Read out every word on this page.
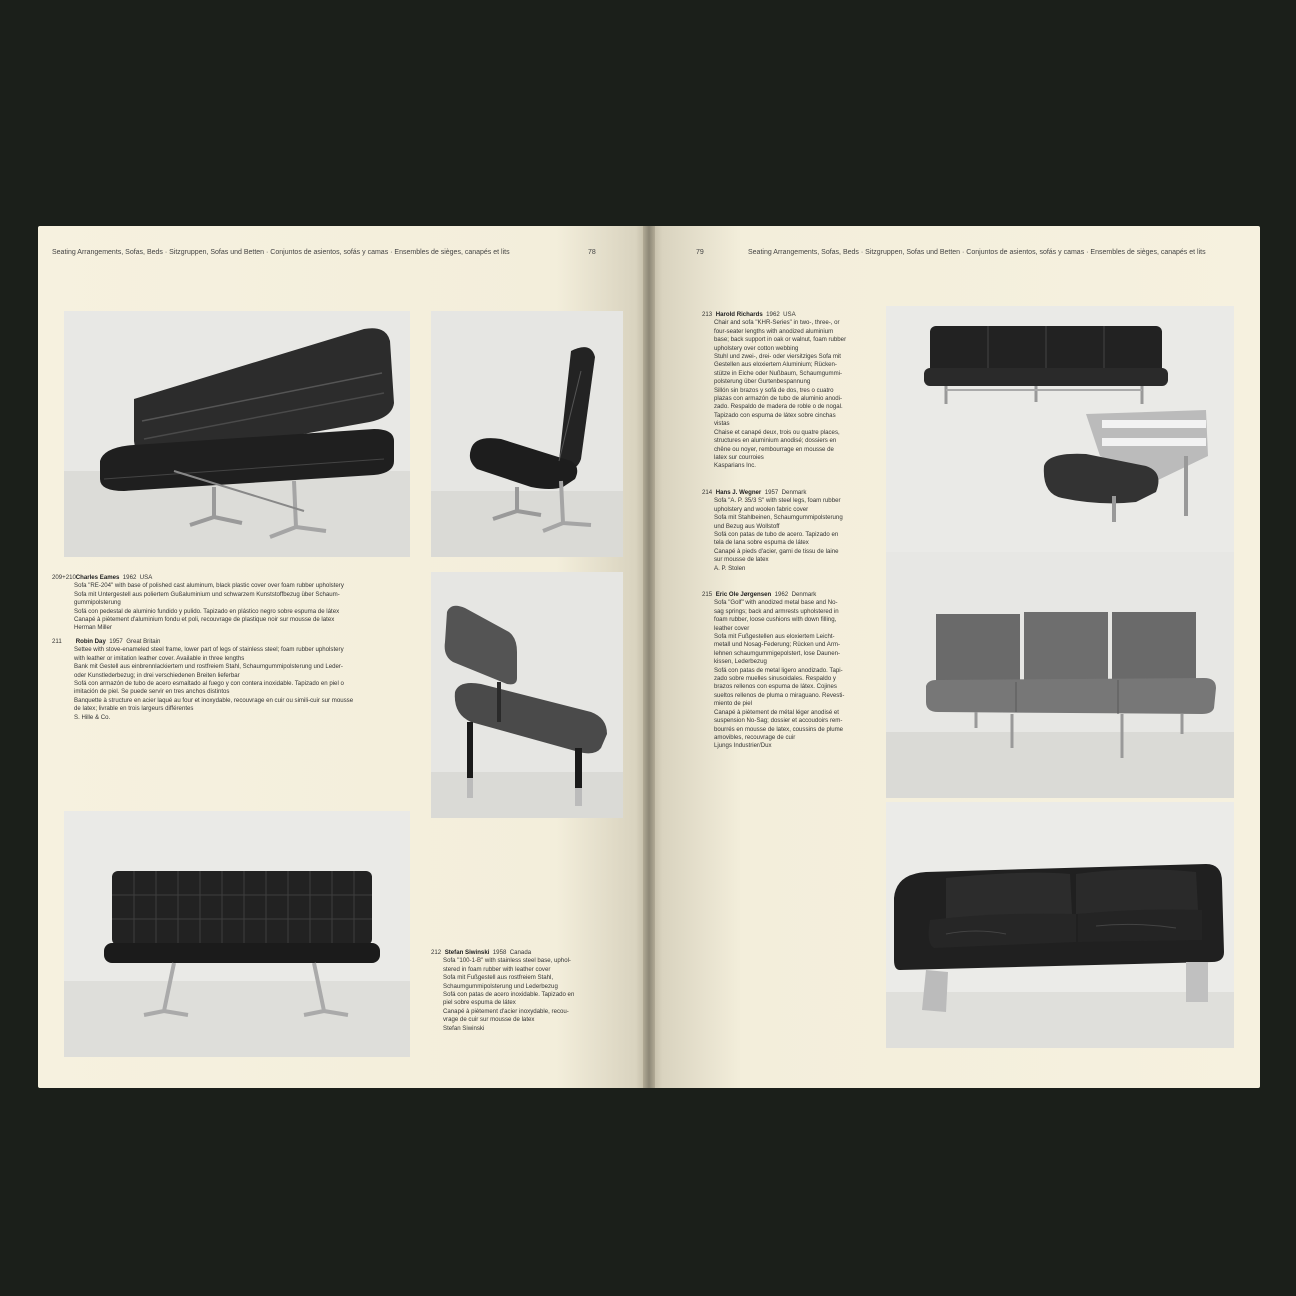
Seating Arrangements, Sofas, Beds · Sitzgruppen, Sofas und Betten · Conjuntos de asientos, sofás y camas · Ensembles de sièges, canapés et lits	78
209+210 Charles Eames 1962 USA
Sofa "RE-204" with base of polished cast aluminum, black plastic cover over foam rubber upholstery
Sofa mit Untergestell aus poliertem Gußaluminium und schwarzem Kunststoffbezug über Schaum-
gummipolsterung
Sofá con pedestal de aluminio fundido y pulido. Tapizado en plástico negro sobre espuma de látex
Canapé à piètement d'aluminium fondu et poli, recouvrage de plastique noir sur mousse de latex
Herman Miller
211 Robin Day 1957 Great Britain
Settee with stove-enameled steel frame, lower part of legs of stainless steel; foam rubber upholstery
with leather or imitation leather cover. Available in three lengths
Bank mit Gestell aus einbrennlackiertem und rostfreiem Stahl, Schaumgummipolsterung und Leder-
oder Kunstlederbezug; in drei verschiedenen Breiten lieferbar
Sofá con armazón de tubo de acero esmaltado al fuego y con contera inoxidable. Tapizado en piel o
imitación de piel. Se puede servir en tres anchos distintos
Banquette à structure en acier laqué au four et inoxydable, recouvrage en cuir ou simili-cuir sur mousse
de latex; livrable en trois largeurs différentes
S. Hille & Co.
212 Stefan Siwinski 1958 Canada
Sofa "100-1-B" with stainless steel base, uphol-
stered in foam rubber with leather cover
Sofa mit Fußgestell aus rostfreiem Stahl,
Schaumgummipolsterung und Lederbezug
Sofá con patas de acero inoxidable. Tapizado en
piel sobre espuma de látex
Canapé à piètement d'acier inoxydable, recou-
vrage de cuir sur mousse de latex
Stefan Siwinski
79	Seating Arrangements, Sofas, Beds · Sitzgruppen, Sofas und Betten · Conjuntos de asientos, sofás y camas · Ensembles de sièges, canapés et lits
213 Harold Richards 1962 USA
Chair and sofa "KHR-Series" in two-, three-, or
four-seater lengths with anodized aluminium
base; back support in oak or walnut, foam rubber
upholstery over cotton webbing
Stuhl und zwei-, drei- oder viersitziges Sofa mit
Gestellen aus eloxiertem Aluminium; Rücken-
stütze in Eiche oder Nußbaum, Schaumgummi-
polsterung über Gurtenbespannung
Sillón sin brazos y sofá de dos, tres o cuatro
plazas con armazón de tubo de aluminio anodi-
zado. Respaldo de madera de roble o de nogal.
Tapizado con espuma de látex sobre cinchas
vistas
Chaise et canapé deux, trois ou quatre places,
structures en aluminium anodisé; dossiers en
chêne ou noyer, rembourrage en mousse de
latex sur courroies
Kasparians Inc.
214 Hans J. Wegner 1957 Denmark
Sofa "A. P. 35/3 S" with steel legs, foam rubber
upholstery and woolen fabric cover
Sofa mit Stahlbeinen, Schaumgummipolsterung
und Bezug aus Wollstoff
Sofá con patas de tubo de acero. Tapizado en
tela de lana sobre espuma de látex
Canapé à pieds d'acier, garni de tissu de laine
sur mousse de latex
A. P. Stolen
215 Eric Ole Jørgensen 1962 Denmark
Sofa "Golf" with anodized metal base and No-
sag springs; back and armrests upholstered in
foam rubber, loose cushions with down filling,
leather cover
Sofa mit Fußgestellen aus eloxiertem Leicht-
metall und Nosag-Federung; Rücken und Arm-
lehnen schaumgummigepolstert, lose Daunen-
kissen, Lederbezug
Sofá con patas de metal ligero anodizado. Tapi-
zado sobre muelles sinusoidales. Respaldo y
brazos rellenos con espuma de látex. Cojines
sueltos rellenos de pluma o miraguano. Revesti-
miento de piel
Canapé à piètement de métal léger anodisé et
suspension No-Sag; dossier et accoudoirs rem-
bourrés en mousse de latex, coussins de plume
amovibles, recouvrage de cuir
Ljungs Industrier/Dux
